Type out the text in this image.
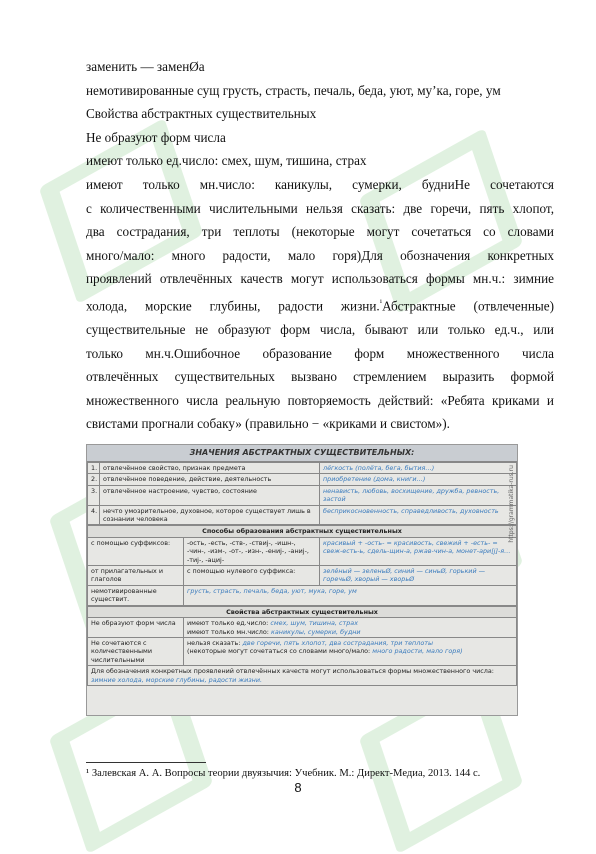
заменить — заменØа
немотивированные сущ грусть, страсть, печаль, беда, уют, му’ка, горе, ум
Свойства абстрактных существительных
Не образуют форм числа
имеют только ед.число: смех, шум, тишина, страх
имеют только мн.число: каникулы, сумерки, будниНе сочетаются
с количественными числительными нельзя сказать: две горечи, пять хлопот,
два сострадания, три теплоты (некоторые могут сочетаться со словами
много/мало: много радости, мало горя)Для обозначения конкретных
проявлений отвлечённых качеств могут использоваться формы мн.ч.: зимние
холода, морские глубины, радости жизни.$^{^1}$Абстрактные (отвлеченные)
существительные не образуют форм числа, бывают или только ед.ч., или
только мн.ч.Ошибочное образование форм множественного числа
отвлечённых существительных вызвано стремлением выразить формой
множественного числа реальную повторяемость действий: «Ребята криками и
свистами прогнали собаку» (правильно − «криками и свистом»).
ЗНАЧЕНИЯ АБСТРАКТНЫХ СУЩЕСТВИТЕЛЬНЫХ:
https://grammatika-rus.ru
1.	отвлечённое свойство, признак предмета	лёгкость (полёта, бега, бытия…)
2.	отвлечённое поведение, действие, деятельность	приобретение (дома, книги…)
3.	отвлечённое настроение, чувство, состояние	ненависть, любовь, восхищение, дружба, ревность, застой
4.	нечто умозрительное, духовное, которое существует лишь в сознании человека	бесприкосновенность, справедливость, духовность
Способы образования абстрактных существительных		
с помощью суффиксов:	-ость, -есть, -ств-, -ствиј-, -ишн-, -чин-, -изм-, -от-, -изн-, -ениј-, -аниј-, -тиј-, -ациј-	красивый + -ость- = красивость, свежий + -есть- = свеж-есть-ь, сдель-щин-а, ржав-чин-а, монет-ари[ј]-я…
от прилагательных и глаголов	с помощью нулевого суффикса:	зелёный — зеленьØ, синий — синьØ, горький — горечьØ, хворый — хворьØ
немотивированные существит.	грусть, страсть, печаль, беда, уют, мука, горе, ум	
Свойства абстрактных существительных	
Не образуют форм числа	имеют только ед.число: смех, шум, тишина, страх
имеют только мн.число: каникулы, сумерки, будни
Не сочетаются с количественными числительными	нельзя сказать: две горечи, пять хлопот, два сострадания, три теплоты
(некоторые могут сочетаться со словами много/мало: много радости, мало горя)
Для обозначения конкретных проявлений отвлечённых качеств могут использоваться формы множественного числа: зимние холода, морские глубины, радости жизни.	
¹ Залевская А. А. Вопросы теории двуязычия: Учебник. М.: Директ-Медиа, 2013. 144 с.
8
